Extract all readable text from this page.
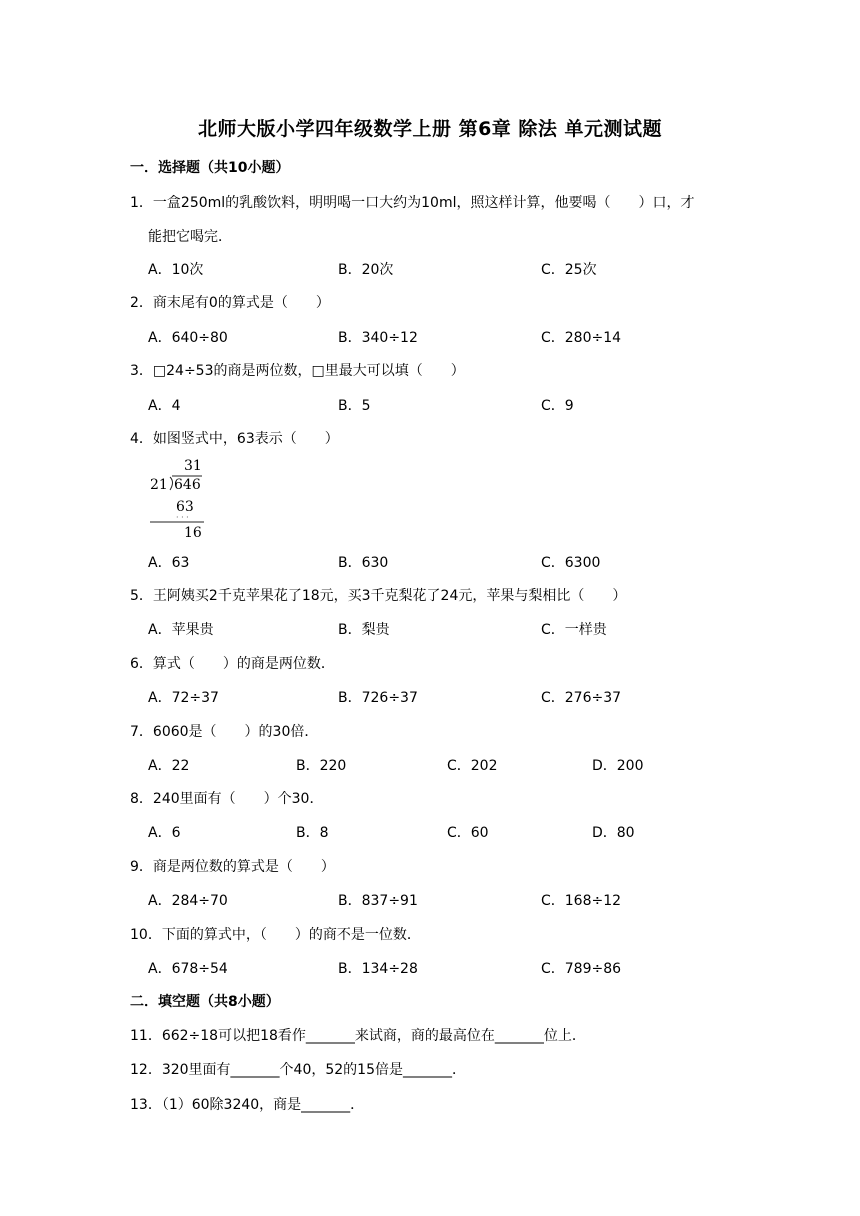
北师大版小学四年级数学上册 第6章 除法 单元测试题
一．选择题（共10小题）
1．一盒250ml的乳酸饮料，明明喝一口大约为10ml，照这样计算，他要喝（　　）口，才
能把它喝完．
A．10次	B．20次	C．25次
2．商末尾有0的算式是（　　）
A．640÷80	B．340÷12	C．280÷14
3．□24÷53的商是两位数，□里最大可以填（　　）
A．4	B．5	C．9
4．如图竖式中，63表示（　　）
31
21 646
63
· · ·
16
A．63	B．630	C．6300
5．王阿姨买2千克苹果花了18元，买3千克梨花了24元，苹果与梨相比（　　）
A．苹果贵	B．梨贵	C．一样贵
6．算式（　　）的商是两位数．
A．72÷37	B．726÷37	C．276÷37
7．6060是（　　）的30倍．
A．22	B．220	C．202	D．200
8．240里面有（　　）个30．
A．6	B．8	C．60	D．80
9．商是两位数的算式是（　　）
A．284÷70	B．837÷91	C．168÷12
10．下面的算式中，（　　）的商不是一位数．
A．678÷54	B．134÷28	C．789÷86
二．填空题（共8小题）
11．662÷18可以把18看作_______来试商，商的最高位在_______位上．
12．320里面有_______个40，52的15倍是_______．
13．（1）60除3240，商是_______．
